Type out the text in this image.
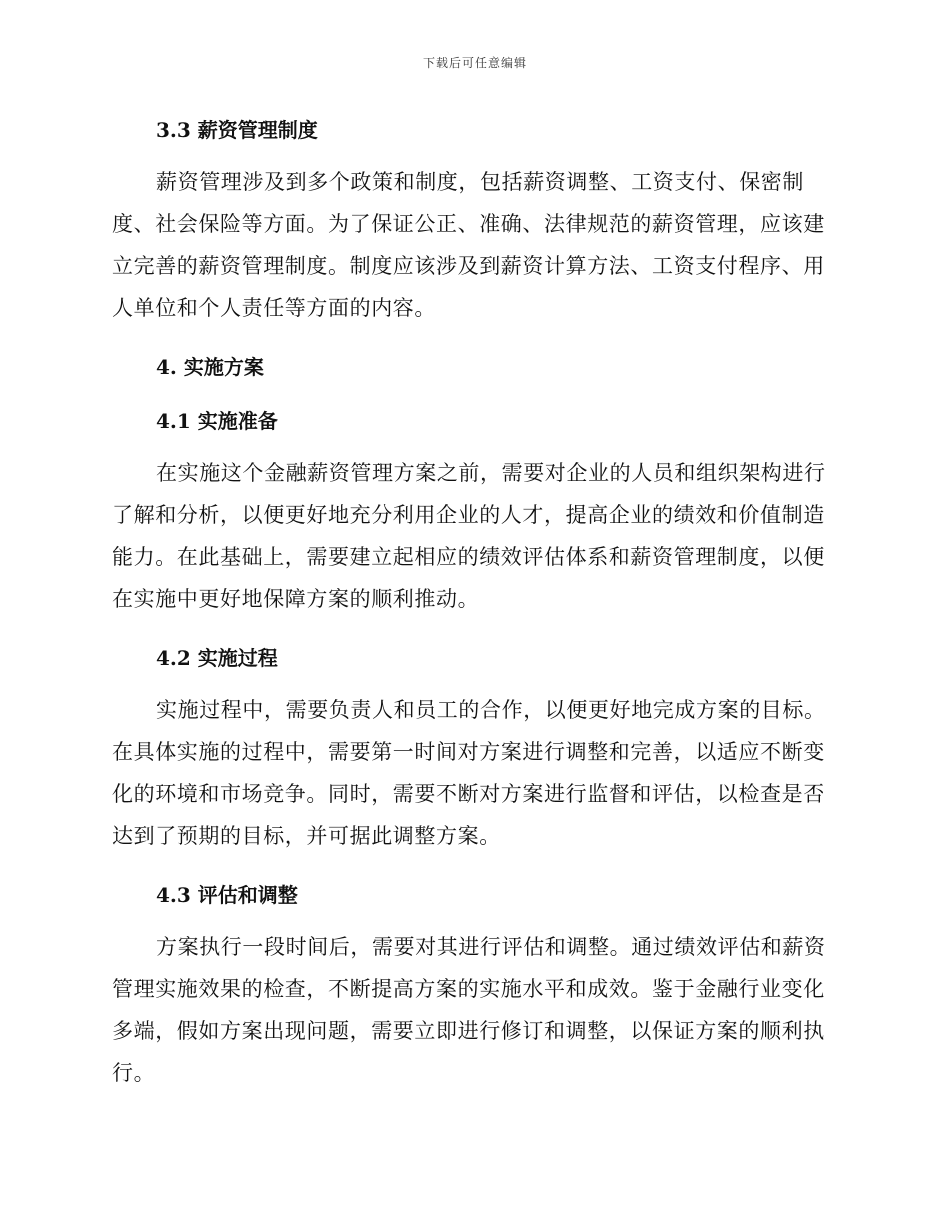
下载后可任意编辑
3.3 薪资管理制度
薪资管理涉及到多个政策和制度，包括薪资调整、工资支付、保密制
度、社会保险等方面。为了保证公正、准确、法律规范的薪资管理，应该建
立完善的薪资管理制度。制度应该涉及到薪资计算方法、工资支付程序、用
人单位和个人责任等方面的内容。
4. 实施方案
4.1 实施准备
在实施这个金融薪资管理方案之前，需要对企业的人员和组织架构进行
了解和分析，以便更好地充分利用企业的人才，提高企业的绩效和价值制造
能力。在此基础上，需要建立起相应的绩效评估体系和薪资管理制度，以便
在实施中更好地保障方案的顺利推动。
4.2 实施过程
实施过程中，需要负责人和员工的合作，以便更好地完成方案的目标。
在具体实施的过程中，需要第一时间对方案进行调整和完善，以适应不断变
化的环境和市场竞争。同时，需要不断对方案进行监督和评估，以检查是否
达到了预期的目标，并可据此调整方案。
4.3 评估和调整
方案执行一段时间后，需要对其进行评估和调整。通过绩效评估和薪资
管理实施效果的检查，不断提高方案的实施水平和成效。鉴于金融行业变化
多端，假如方案出现问题，需要立即进行修订和调整，以保证方案的顺利执
行。
